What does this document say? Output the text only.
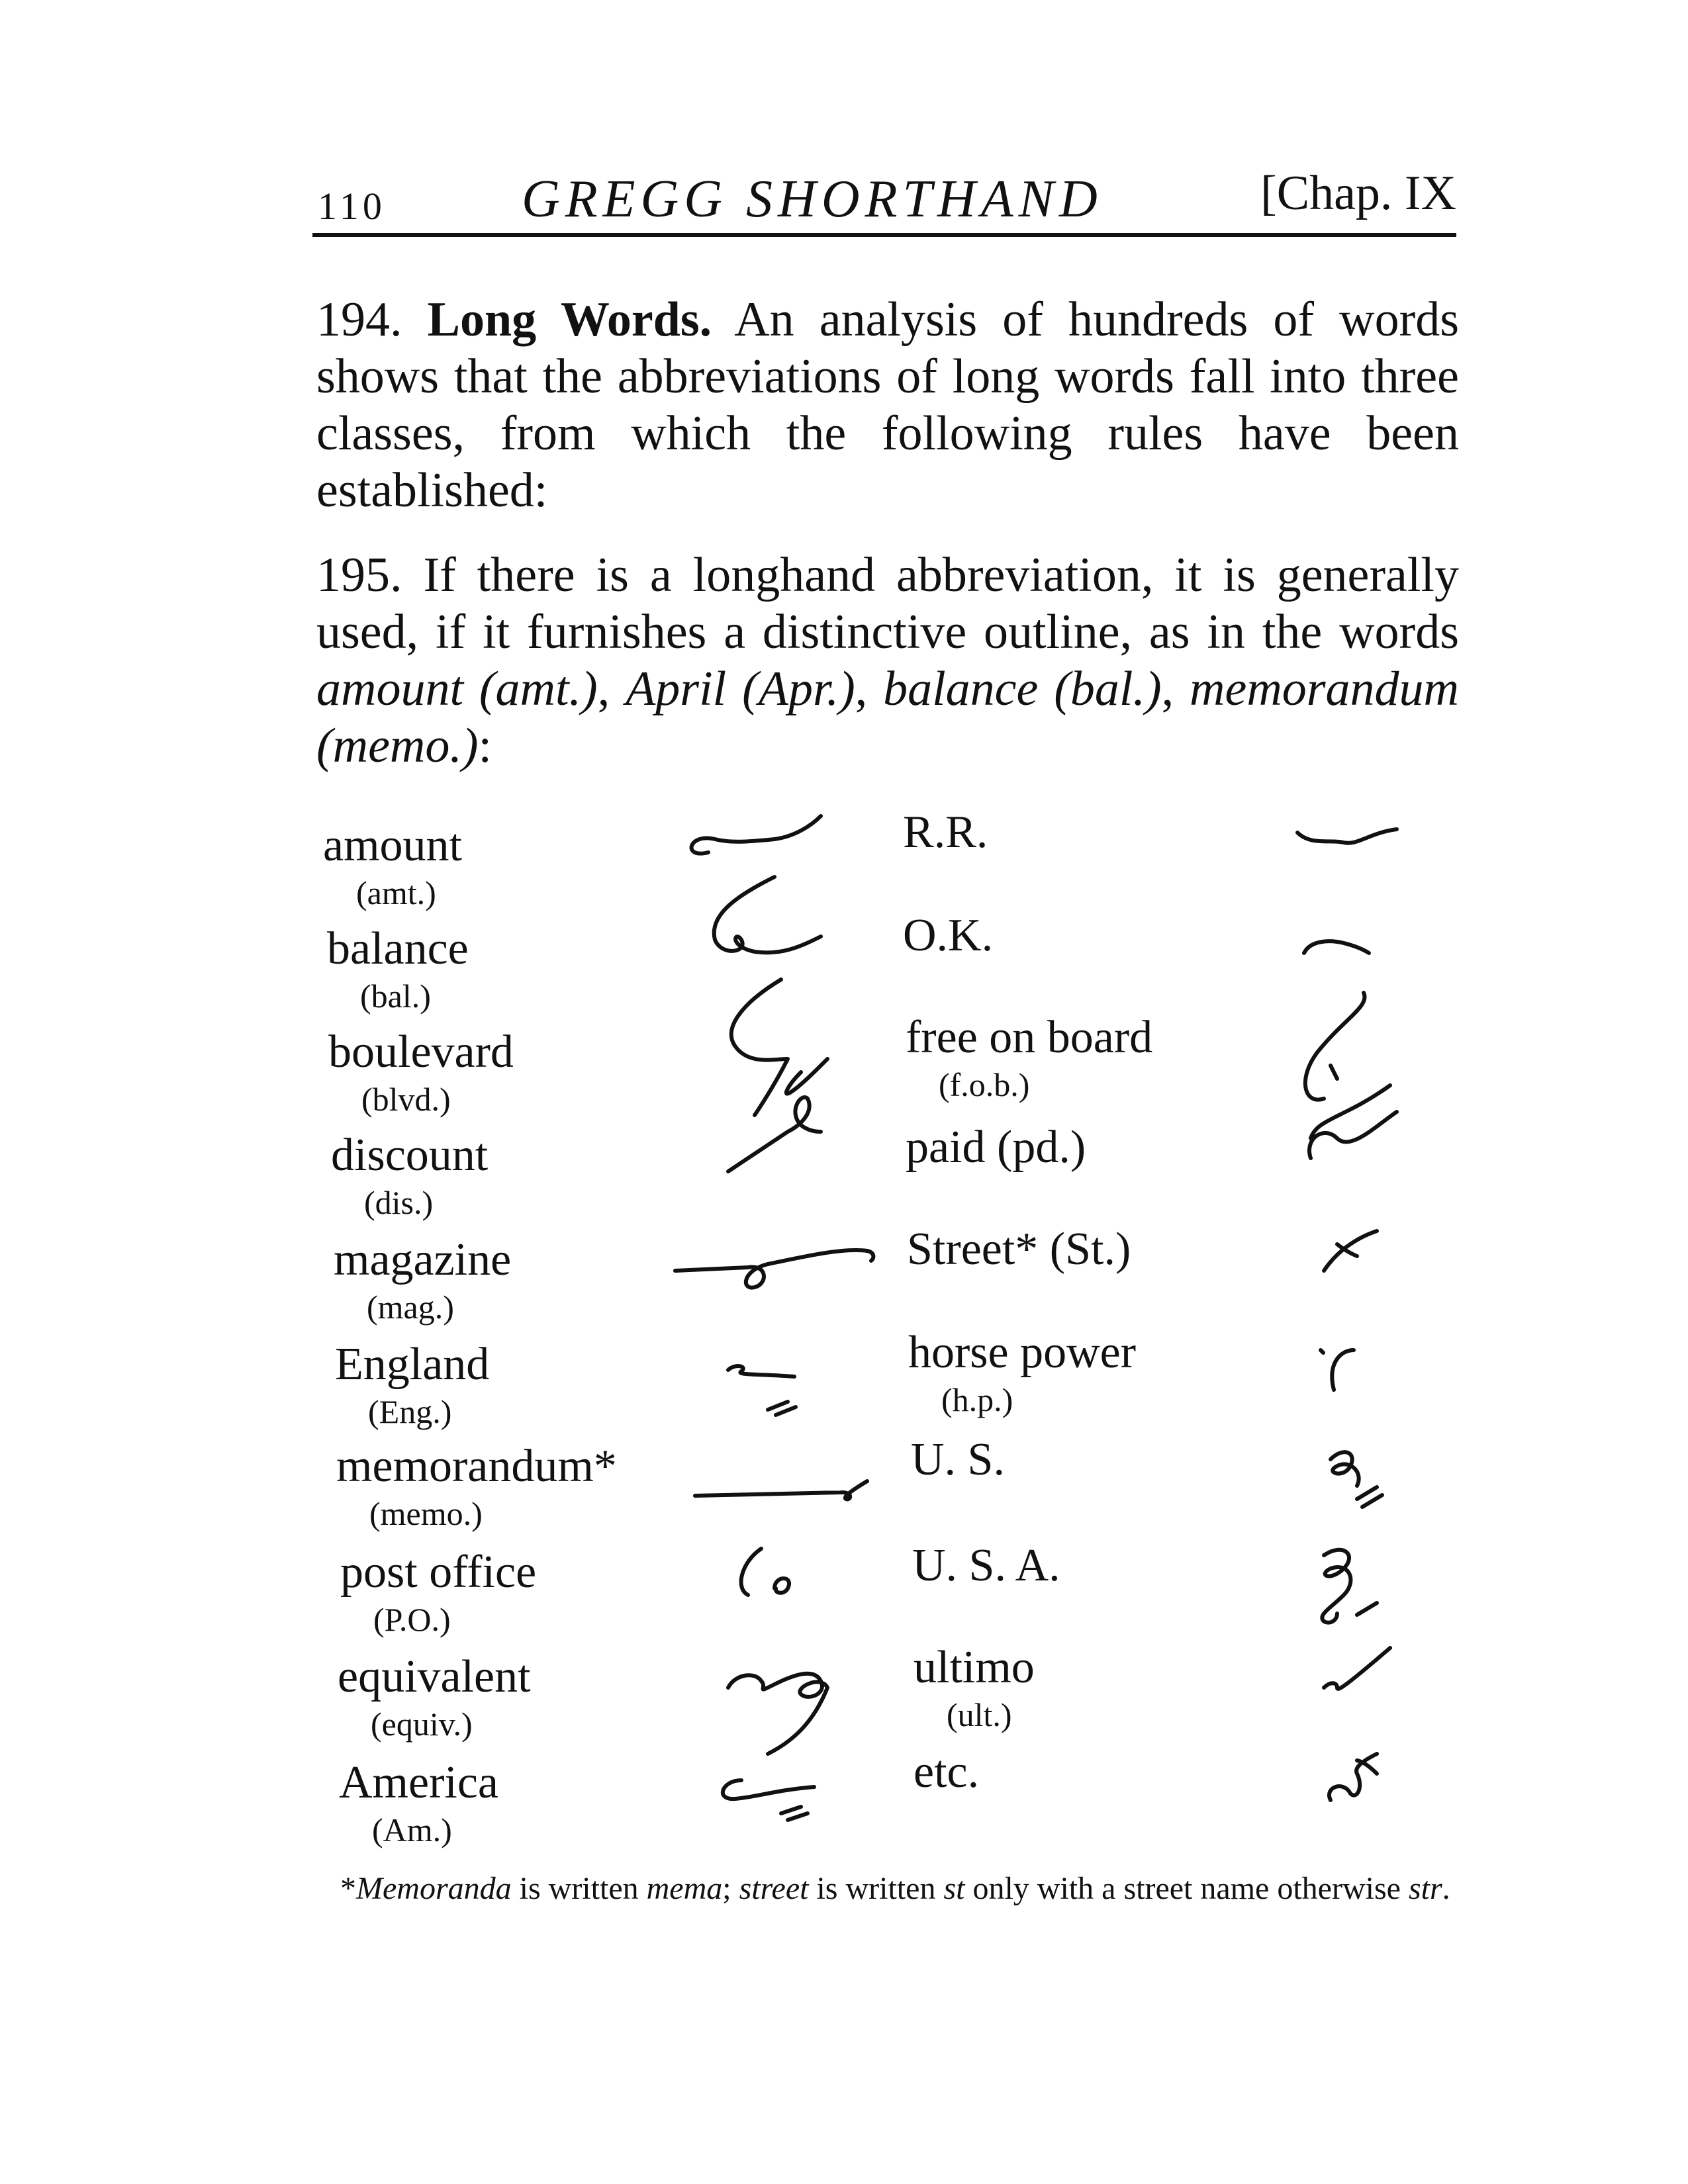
110	GREGG SHORTHAND	[Chap. IX
194. Long Words. An analysis of hundreds of words shows that the abbreviations of long words fall into three classes, from which the following rules have been established:
195. If there is a longhand abbreviation, it is generally used, if it furnishes a distinctive outline, as in the words amount (amt.), April (Apr.), balance (bal.), memorandum (memo.):
amount
(amt.)
balance
(bal.)
boulevard
(blvd.)
discount
(dis.)
magazine
(mag.)
England
(Eng.)
memorandum*
(memo.)
post office
(P.O.)
equivalent
(equiv.)
America
(Am.)
R.R.
O.K.
free on board
(f.o.b.)
paid (pd.)
Street* (St.)
horse power
(h.p.)
U. S.
U. S. A.
ultimo
(ult.)
etc.
*Memoranda is written mema; street is written st only with a street name otherwise str.
